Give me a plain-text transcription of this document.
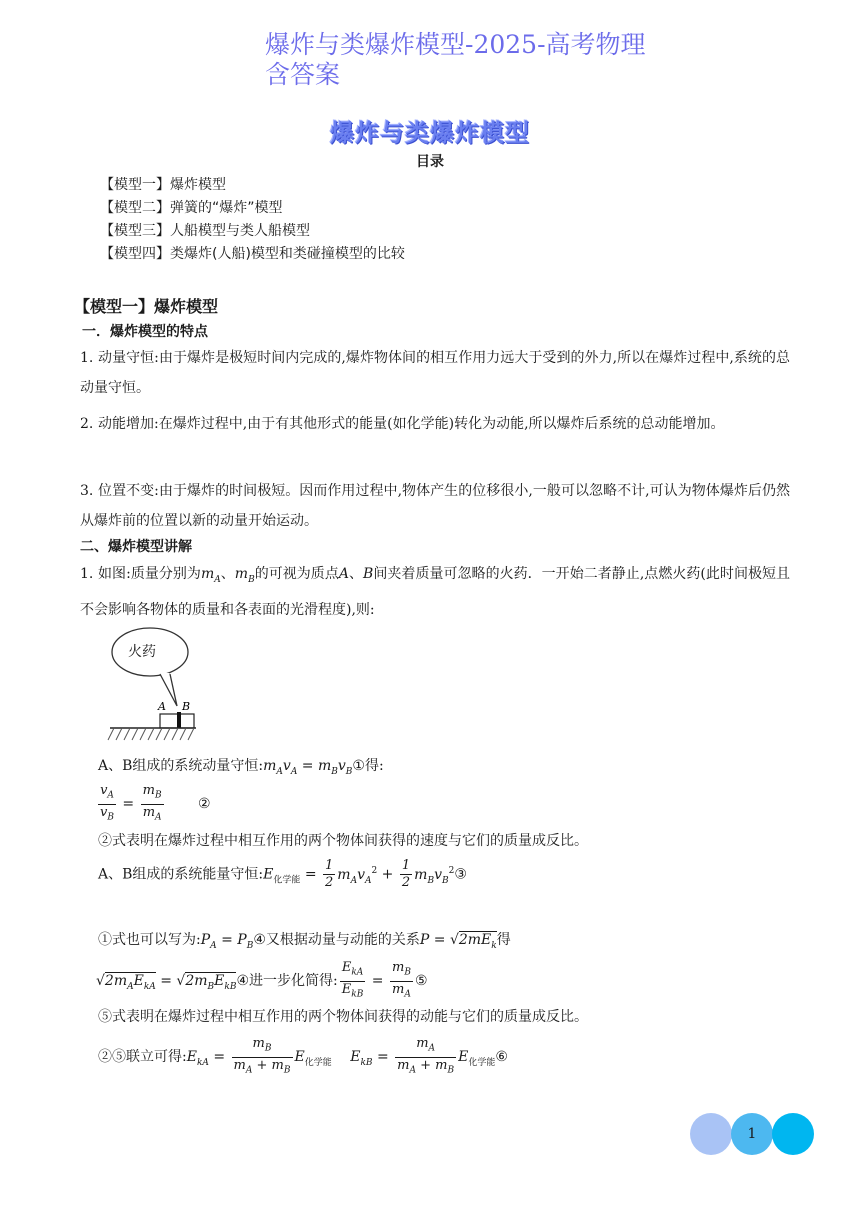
爆炸与类爆炸模型-2025-高考物理
含答案
爆炸与类爆炸模型
目录
【模型一】爆炸模型
【模型二】弹簧的“爆炸”模型
【模型三】人船模型与类人船模型
【模型四】类爆炸(人船)模型和类碰撞模型的比较
【模型一】爆炸模型
一．爆炸模型的特点
1. 动量守恒:由于爆炸是极短时间内完成的,爆炸物体间的相互作用力远大于受到的外力,所以在爆炸过程中,系统的总动量守恒。
2. 动能增加:在爆炸过程中,由于有其他形式的能量(如化学能)转化为动能,所以爆炸后系统的总动能增加。
3. 位置不变:由于爆炸的时间极短。因而作用过程中,物体产生的位移很小,一般可以忽略不计,可认为物体爆炸后仍然从爆炸前的位置以新的动量开始运动。
二、爆炸模型讲解
1. 如图:质量分别为$m_A$、$m_B$的可视为质点A、B间夹着质量可忽略的火药．一开始二者静止,点燃火药(此时间极短且不会影响各物体的质量和各表面的光滑程度),则:
火药
A B
A、B组成的系统动量守恒$:m_Av_A$ = $m_Bv_B①$得:
$\frac{v_A}{v_B} = \frac{m_B}{m_A}$ ②
②式表明在爆炸过程中相互作用的两个物体间获得的速度与它们的质量成反比。
A、B组成的系统能量守恒$:E_{化学能} = \frac{1}{2} m_Av_A^2 + \frac{1}{2}$ $m_Bv_B^2③$
①式也可以写为$:P_A$ = $P_B④$又根据动量与动能的关系$P = √2mE_k$得
$√2m_AE_{kA}$ = $√2m_BE_{kB}④$进一步化简得: $\frac{E_{kA}}{E_{kB}} = \frac{m_B}{m_A}$ ⑤
⑤式表明在爆炸过程中相互作用的两个物体间获得的动能与它们的质量成反比。
②⑤联立可得$:E_{kA} = \frac{m_B}{m_A + m_B} E_{化学能}$ $E_{kB} = \frac{m_A}{m_A + m_B}$ $E_{化学能}⑥$
1
